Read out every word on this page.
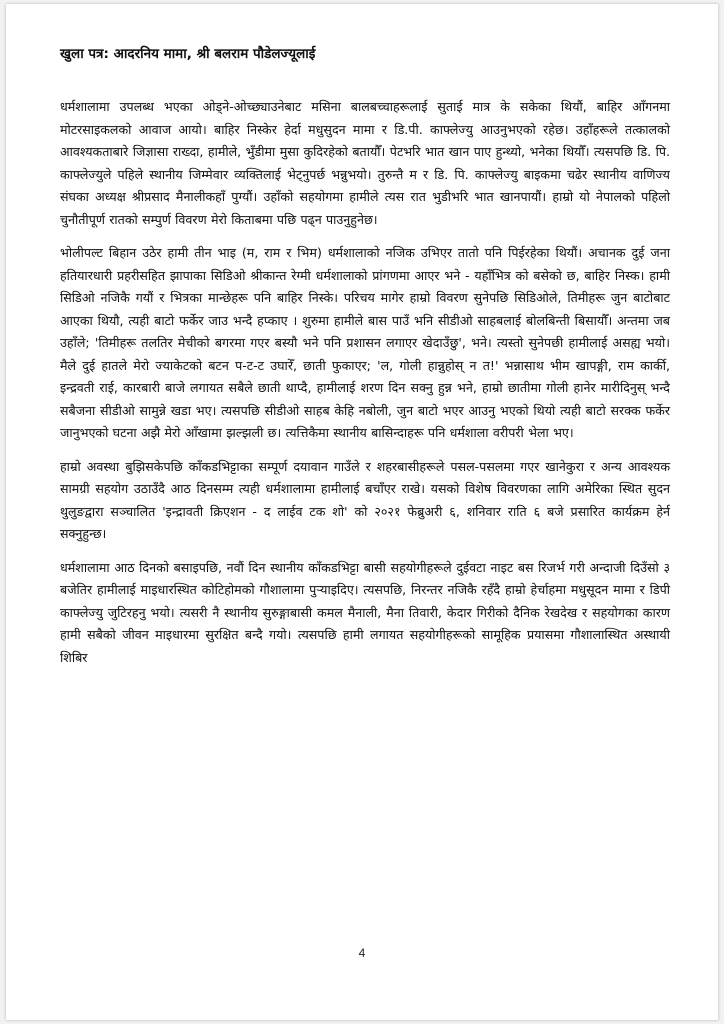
खुला पत्र: आदरनिय मामा, श्री बलराम पौडेलज्यूलाई

धर्मशालामा उपलब्ध भएका ओड्ने-ओच्छ्याउनेबाट मसिना बालबच्चाहरूलाई सुताई मात्र के सकेका थियौं, बाहिर आँगनमा मोटरसाइकलको आवाज आयो। बाहिर निस्केर हेर्दा मधुसुदन मामा र डि.पी. काफ्लेज्यु आउनुभएको रहेछ। उहाँहरूले तत्कालको आवश्यकताबारे जिज्ञासा राख्दा, हामीले, भुँडीमा मुसा कुदिरहेको बतायौँ। पेटभरि भात खान पाए हुन्थ्यो, भनेका थियौँ। त्यसपछि डि. पि. काफ्लेज्युले पहिले स्थानीय जिम्मेवार व्यक्तिलाई भेट्नुपर्छ भन्नुभयो। तुरुन्तै म र डि. पि. काफ्लेज्यु बाइकमा चढेर स्थानीय वाणिज्य संघका अध्यक्ष श्रीप्रसाद मैनालीकहाँ पुग्यौं। उहाँको सहयोगमा हामीले त्यस रात भुडीभरि भात खानपायौं। हाम्रो यो नेपालको पहिलो चुनौतीपूर्ण रातको सम्पुर्ण विवरण मेरो किताबमा पछि पढ्न पाउनुहुनेछ।

भोलीपल्ट बिहान उठेर हामी तीन भाइ (म, राम र भिम) धर्मशालाको नजिक उभिएर तातो पनि पिईरहेका थियौं। अचानक दुई जना हतियारधारी प्रहरीसहित झापाका सिडिओ श्रीकान्त रेग्मी धर्मशालाको प्रांगणमा आएर भने - यहाँभित्र को बसेको छ, बाहिर निस्क। हामी सिडिओ नजिकै गयौं र भित्रका मान्छेहरू पनि बाहिर निस्के। परिचय मागेर हाम्रो विवरण सुनेपछि सिडिओले, तिमीहरू जुन बाटोबाट आएका थियौ, त्यही बाटो फर्केर जाउ भन्दै हप्काए । शुरुमा हामीले बास पाउँ भनि सीडीओ साहबलाई बोलबिन्ती बिसायौँ। अन्तमा जब उहाँले; 'तिमीहरू तलतिर मेचीको बगरमा गएर बस्यौ भने पनि प्रशासन लगाएर खेदाउँछु', भने। त्यस्तो सुनेपछी हामीलाई असह्य भयो। मैले दुई हातले मेरो ज्याकेटको बटन प-ट-ट उघारेँ, छाती फुकाएर; 'ल, गोली हान्नुहोस् न त!' भन्नासाथ भीम खापङ्गी, राम कार्की, इन्द्रवती राई, कारबारी बाजे लगायत सबैले छाती थाप्दै, हामीलाई शरण दिन सक्नु हुन्न भने, हाम्रो छातीमा गोली हानेर मारीदिनुस् भन्दै सबैजना सीडीओ सामुन्ने खडा भए। त्यसपछि सीडीओ साहब केहि नबोली, जुन बाटो भएर आउनु भएको थियो त्यही बाटो सरक्क फर्केर जानुभएको घटना अझै मेरो आँखामा झल्झली छ। त्यत्तिकैमा स्थानीय बासिन्दाहरू पनि धर्मशाला वरीपरी भेला भए।

हाम्रो अवस्था बुझिसकेपछि काँकडभिट्टाका सम्पूर्ण दयावान गाउँले र शहरबासीहरूले पसल-पसलमा गएर खानेकुरा र अन्य आवश्यक सामग्री सहयोग उठाउँदै आठ दिनसम्म त्यही धर्मशालामा हामीलाई बचाँएर राखे। यसको विशेष विवरणका लागि अमेरिका स्थित सुदन थुलुङद्वारा सञ्चालित 'इन्द्रावती क्रिएशन - द लाईव टक शो' को २०२१ फेब्रुअरी ६, शनिवार राति ६ बजे प्रसारित कार्यक्रम हेर्न सक्नुहुन्छ।

धर्मशालामा आठ दिनको बसाइपछि, नवौं दिन स्थानीय काँकडभिट्टा बासी सहयोगीहरूले दुईवटा नाइट बस रिजर्भ गरी अन्दाजी दिउँसो ३ बजेतिर हामीलाई माइधारस्थित कोटिहोमको गौशालामा पुऱ्याइदिए। त्यसपछि, निरन्तर नजिकै रहँदै हाम्रो हेर्चाहमा मधुसूदन मामा र डिपी काफ्लेज्यु जुटिरहनु भयो। त्यसरी नै स्थानीय सुरुङ्गाबासी कमल मैनाली, मैना तिवारी, केदार गिरीको दैनिक रेखदेख र सहयोगका कारण हामी सबैको जीवन माइधारमा सुरक्षित बन्दै गयो। त्यसपछि हामी लगायत सहयोगीहरूको सामूहिक प्रयासमा गौशालास्थित अस्थायी शिबिर

4
